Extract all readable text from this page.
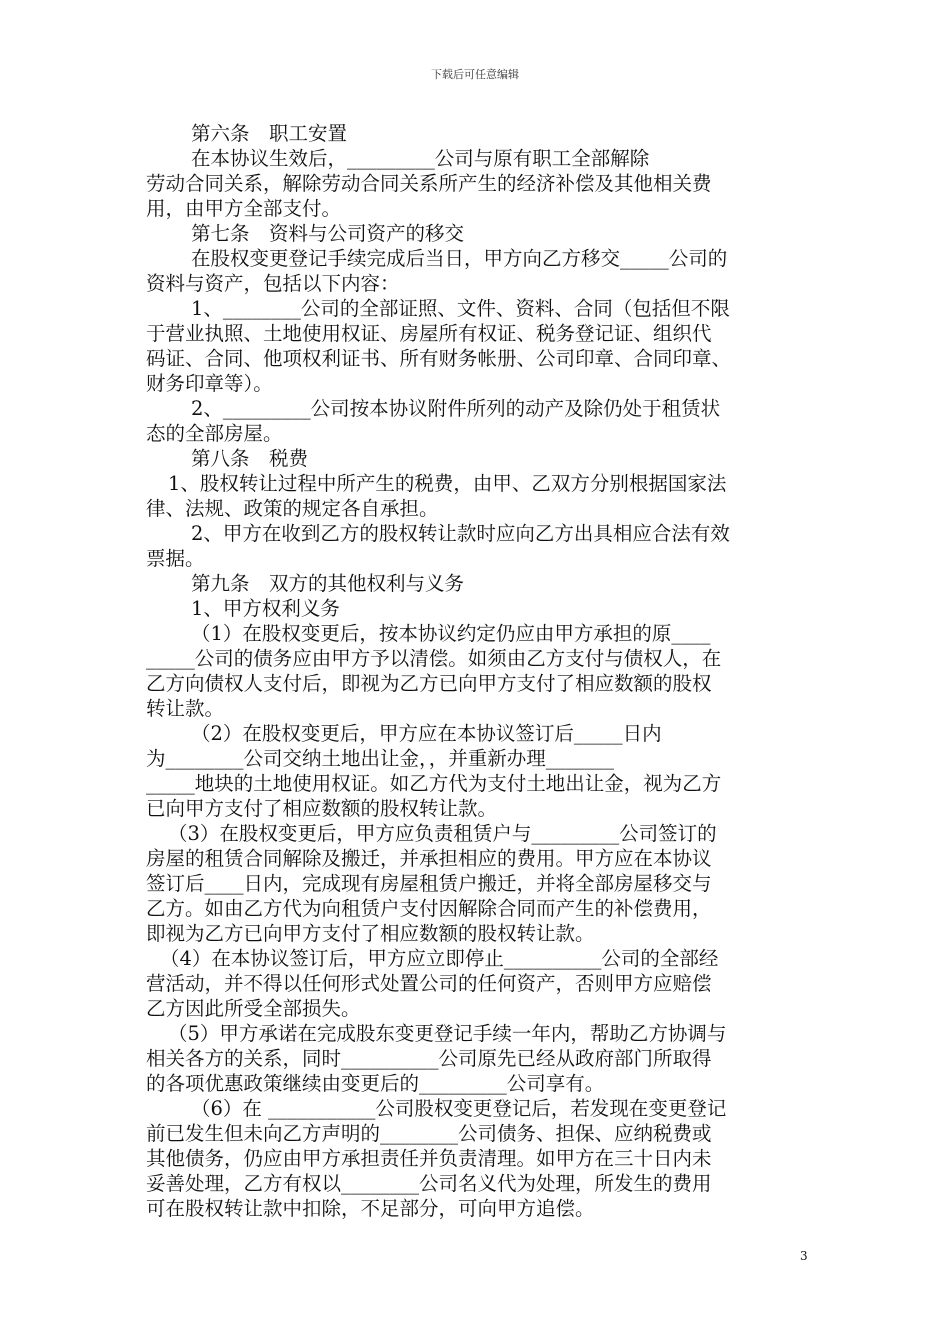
下载后可任意编辑
第六条　职工安置
在本协议生效后，_________公司与原有职工全部解除
劳动合同关系，解除劳动合同关系所产生的经济补偿及其他相关费
用，由甲方全部支付。
第七条　资料与公司资产的移交
在股权变更登记手续完成后当日，甲方向乙方移交_____公司的
资料与资产，包括以下内容：
1、________公司的全部证照、文件、资料、合同（包括但不限
于营业执照、土地使用权证、房屋所有权证、税务登记证、组织代
码证、合同、他项权利证书、所有财务帐册、公司印章、合同印章、
财务印章等）。
2、_________公司按本协议附件所列的动产及除仍处于租赁状
态的全部房屋。
第八条　税费
1、股权转让过程中所产生的税费，由甲、乙双方分别根据国家法
律、法规、政策的规定各自承担。
2、甲方在收到乙方的股权转让款时应向乙方出具相应合法有效
票据。
第九条　双方的其他权利与义务
1、甲方权利义务
（1）在股权变更后，按本协议约定仍应由甲方承担的原____
_____公司的债务应由甲方予以清偿。如须由乙方支付与债权人，在
乙方向债权人支付后，即视为乙方已向甲方支付了相应数额的股权
转让款。
（2）在股权变更后，甲方应在本协议签订后_____日内
为________公司交纳土地出让金，，并重新办理_______
_____地块的土地使用权证。如乙方代为支付土地出让金，视为乙方
已向甲方支付了相应数额的股权转让款。
（3）在股权变更后，甲方应负责租赁户与_________公司签订的
房屋的租赁合同解除及搬迁，并承担相应的费用。甲方应在本协议
签订后____日内，完成现有房屋租赁户搬迁，并将全部房屋移交与
乙方。如由乙方代为向租赁户支付因解除合同而产生的补偿费用，
即视为乙方已向甲方支付了相应数额的股权转让款。
（4）在本协议签订后，甲方应立即停止__________公司的全部经
营活动，并不得以任何形式处置公司的任何资产，否则甲方应赔偿
乙方因此所受全部损失。
（5）甲方承诺在完成股东变更登记手续一年内，帮助乙方协调与
相关各方的关系，同时__________公司原先已经从政府部门所取得
的各项优惠政策继续由变更后的_________公司享有。
（6）在 ___________公司股权变更登记后，若发现在变更登记
前已发生但未向乙方声明的________公司债务、担保、应纳税费或
其他债务，仍应由甲方承担责任并负责清理。如甲方在三十日内未
妥善处理，乙方有权以________公司名义代为处理，所发生的费用
可在股权转让款中扣除，不足部分，可向甲方追偿。
3
